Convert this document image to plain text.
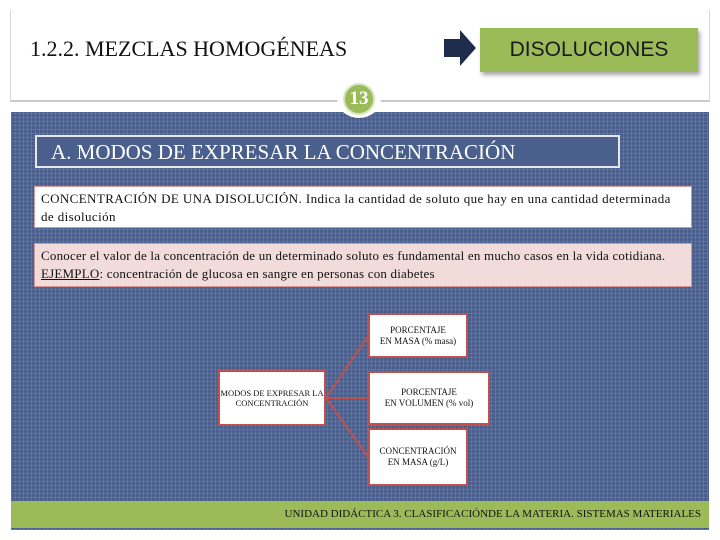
1.2.2. MEZCLAS HOMOGÉNEAS	DISOLUCIONES
13
A. MODOS DE EXPRESAR LA CONCENTRACIÓN
CONCENTRACIÓN DE UNA DISOLUCIÓN. Indica la cantidad de soluto que hay en una cantidad determinada de disolución
Conocer el valor de la concentración de un determinado soluto es fundamental en mucho casos en la vida cotidiana. EJEMPLO: concentración de glucosa en sangre en personas con diabetes
MODOS DE EXPRESAR LA CONCENTRACIÓN
PORCENTAJE
EN MASA (% masa)
PORCENTAJE
EN VOLUMEN (% vol)
CONCENTRACIÓN
EN MASA (g/L)
UNIDAD DIDÁCTICA 3. CLASIFICACIÓNDE LA MATERIA. SISTEMAS MATERIALES
